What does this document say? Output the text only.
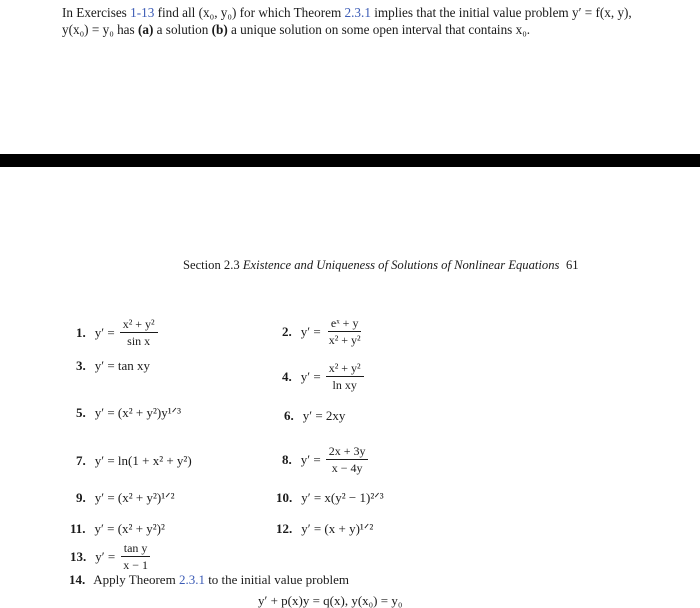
In Exercises 1-13 find all (x₀, y₀) for which Theorem 2.3.1 implies that the initial value problem y′ = f(x, y), y(x₀) = y₀ has (a) a solution (b) a unique solution on some open interval that contains x₀.
Section 2.3 Existence and Uniqueness of Solutions of Nonlinear Equations 61
1. $y' = \frac{\text{x² + y²}}{\text{sin x}}$	2. $y' = \frac{\text{eˣ + y}}{\text{x² + y²}}$
3. y′ = tan xy
4. $y' = \frac{\text{x² + y²}}{\text{ln xy}}$
5. y′ = (x² + y²)y¹ᐟ³	6. y′ = 2xy
7. y′ = ln(1 + x² + y²)	8. $y' = \frac{2x + 3y}{x - 4y}$
9. y′ = (x² + y²)¹ᐟ²	10. y′ = x(y² − 1)²ᐟ³
11. y′ = (x² + y²)²	12. y′ = (x + y)¹ᐟ²
13. $y' = \frac{\text{tan y}}{x - 1}$
14. Apply Theorem 2.3.1 to the initial value problem
y′ + p(x)y = q(x), y(x₀) = y₀
